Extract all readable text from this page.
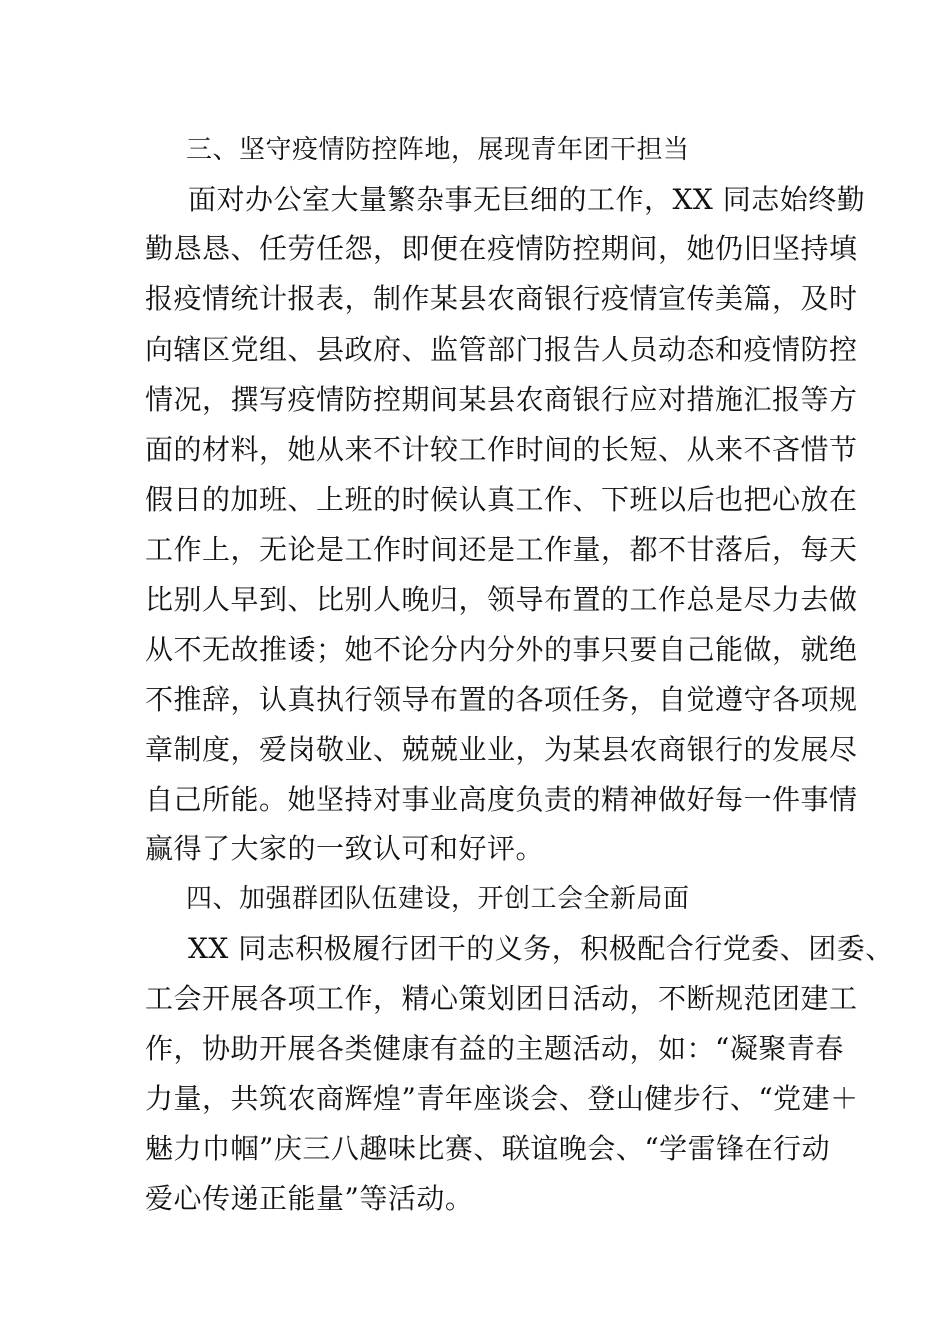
三、坚守疫情防控阵地，展现青年团干担当
面对办公室大量繁杂事无巨细的工作，XX 同志始终勤
勤恳恳、任劳任怨，即便在疫情防控期间，她仍旧坚持填
报疫情统计报表，制作某县农商银行疫情宣传美篇，及时
向辖区党组、县政府、监管部门报告人员动态和疫情防控
情况，撰写疫情防控期间某县农商银行应对措施汇报等方
面的材料，她从来不计较工作时间的长短、从来不吝惜节
假日的加班、上班的时候认真工作、下班以后也把心放在
工作上，无论是工作时间还是工作量，都不甘落后，每天
比别人早到、比别人晚归，领导布置的工作总是尽力去做
从不无故推诿；她不论分内分外的事只要自己能做，就绝
不推辞，认真执行领导布置的各项任务，自觉遵守各项规
章制度，爱岗敬业、兢兢业业，为某县农商银行的发展尽
自己所能。她坚持对事业高度负责的精神做好每一件事情
赢得了大家的一致认可和好评。
四、加强群团队伍建设，开创工会全新局面
XX 同志积极履行团干的义务，积极配合行党委、团委、
工会开展各项工作，精心策划团日活动，不断规范团建工
作，协助开展各类健康有益的主题活动，如：“凝聚青春
力量，共筑农商辉煌”青年座谈会、登山健步行、“党建＋
魅力巾帼”庆三八趣味比赛、联谊晚会、“学雷锋在行动
爱心传递正能量”等活动。
